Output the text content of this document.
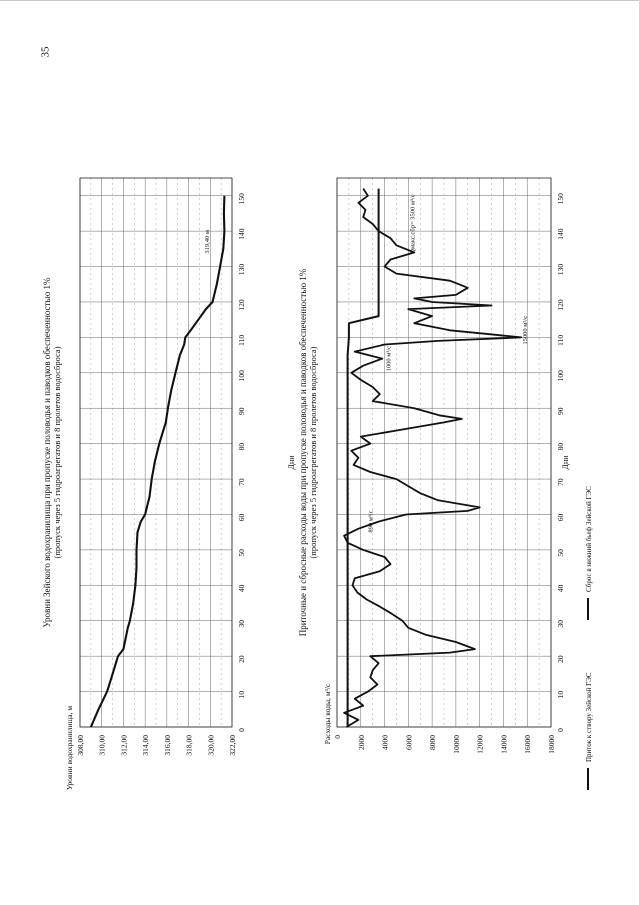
35
Уровни Зейского водохранилища при пропуске половодья и паводков обеспеченностью 1% (пропуск через 5 гидроагрегатов и 8 пролетов водосброса)
0
10
20
30
40
50
60
70
80
90
100
110
120
130
140
150
Дни
308,00 310,00 312,00 314,00 316,00 318,00 320,00 322,00
Уровни водохранилища, м
319,40 м
Приточные и сбросные расходы воды при пропуске половодья и паводков обеспеченностью 1% (пропуск через 5 гидроагрегатов и 8 пролетов водосброса)
0
10
20
30
40
50
60
70
80
90
100
110
120
130
140
150
Дни
0 2000 4000 6000 8000 10000 12000 14000 16000 18000
Расходы воды, м³/с
890 м³/с
1000 м³/с
15000 м³/с
Qмакс.сбр= 3500 м³/с
Приток к створу Зейской ГЭС
Сброс в нижний бьеф Зейской ГЭС
